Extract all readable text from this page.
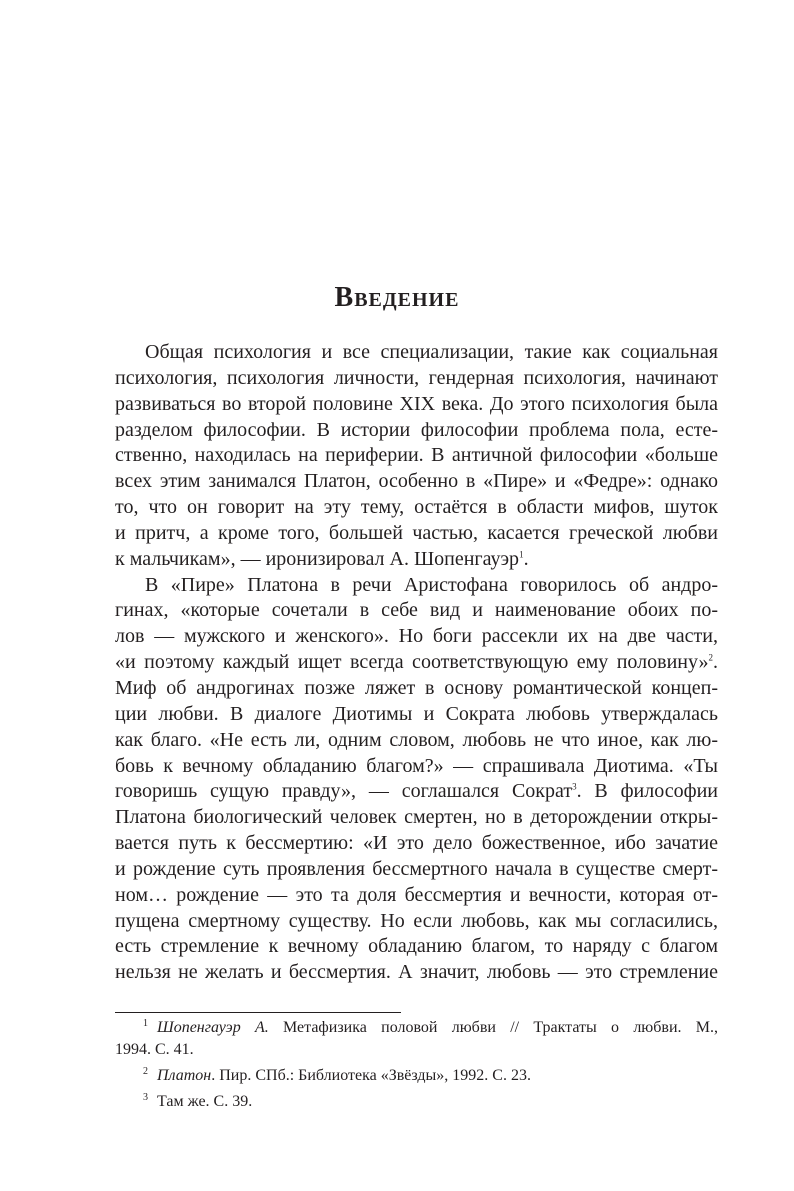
Введение
Общая психология и все специализации, такие как социальная
психология, психология личности, гендерная психология, начинают
развиваться во второй половине XIX века. До этого психология была
разделом философии. В истории философии проблема пола, есте-
ственно, находилась на периферии. В античной философии «больше
всех этим занимался Платон, особенно в «Пире» и «Федре»: однако
то, что он говорит на эту тему, остаётся в области мифов, шуток
и притч, а кроме того, большей частью, касается греческой любви
к мальчикам», — иронизировал А. Шопенгауэр$^1$.
В «Пире» Платона в речи Аристофана говорилось об андро-
гинах, «которые сочетали в себе вид и наименование обоих по-
лов — мужского и женского». Но боги рассекли их на две части,
«и поэтому каждый ищет всегда соответствующую ему половину»$^2$.
Миф об андрогинах позже ляжет в основу романтической концеп-
ции любви. В диалоге Диотимы и Сократа любовь утверждалась
как благо. «Не есть ли, одним словом, любовь не что иное, как лю-
бовь к вечному обладанию благом?» — спрашивала Диотима. «Ты
говоришь сущую правду», — соглашался Сократ$^3$. В философии
Платона биологический человек смертен, но в деторождении откры-
вается путь к бессмертию: «И это дело божественное, ибо зачатие
и рождение суть проявления бессмертного начала в существе смерт-
ном… рождение — это та доля бессмертия и вечности, которая от-
пущена смертному существу. Но если любовь, как мы согласились,
есть стремление к вечному обладанию благом, то наряду с благом
нельзя не желать и бессмертия. А значит, любовь — это стремление
$^1$ Шопенгауэр А. Метафизика половой любви // Трактаты о любви. М.,
1994. С. 41.
$^2$ Платон. Пир. СПб.: Библиотека «Звёзды», 1992. С. 23.
$^3$ Там же. С. 39.
